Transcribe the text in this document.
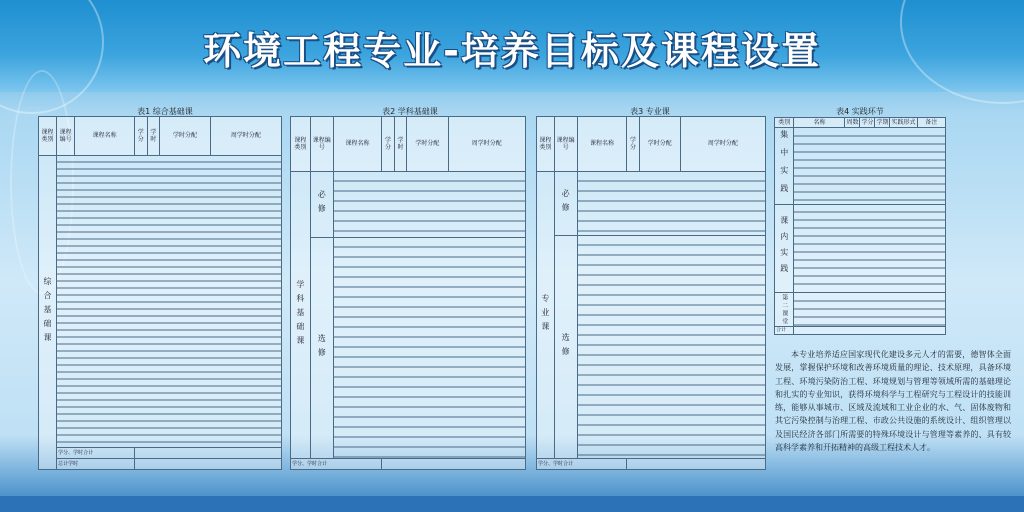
环境工程专业-培养目标及课程设置
表1 综合基础课
课程类别	课程编号	课程名称	学分	学时	学时分配	周学时分配
综合基础课						
	学分、学时合计					
	总计学时					
表2 学科基础课
课程类别	课程编号	课程名称	学分	学时	学时分配	周学时分配
学科基础课	必修					
	选修					
学分、学时合计						
表3 专业课
课程类别	课程编号	课程名称	学分	学时分配	周学时分配
专业课	必修				
	选修				
学分、学时合计					
表4 实践环节
类别	名称	周数	学分	学期	实践形式	备注
集中实践						
课内实践						
第二课堂						
合计						
本专业培养适应国家现代化建设多元人才的需要，德智体全面发展，掌握保护环境和改善环境质量的理论、技术原理，具备环境工程、环境污染防治工程、环境规划与管理等领域所需的基础理论和扎实的专业知识，获得环境科学与工程研究与工程设计的技能训练，能够从事城市、区域及流域和工业企业的水、气、固体废物和其它污染控制与治理工程、市政公共设施的系统设计、组织管理以及国民经济各部门所需要的特殊环境设计与管理等素养的、具有较高科学素养和开拓精神的高级工程技术人才。
